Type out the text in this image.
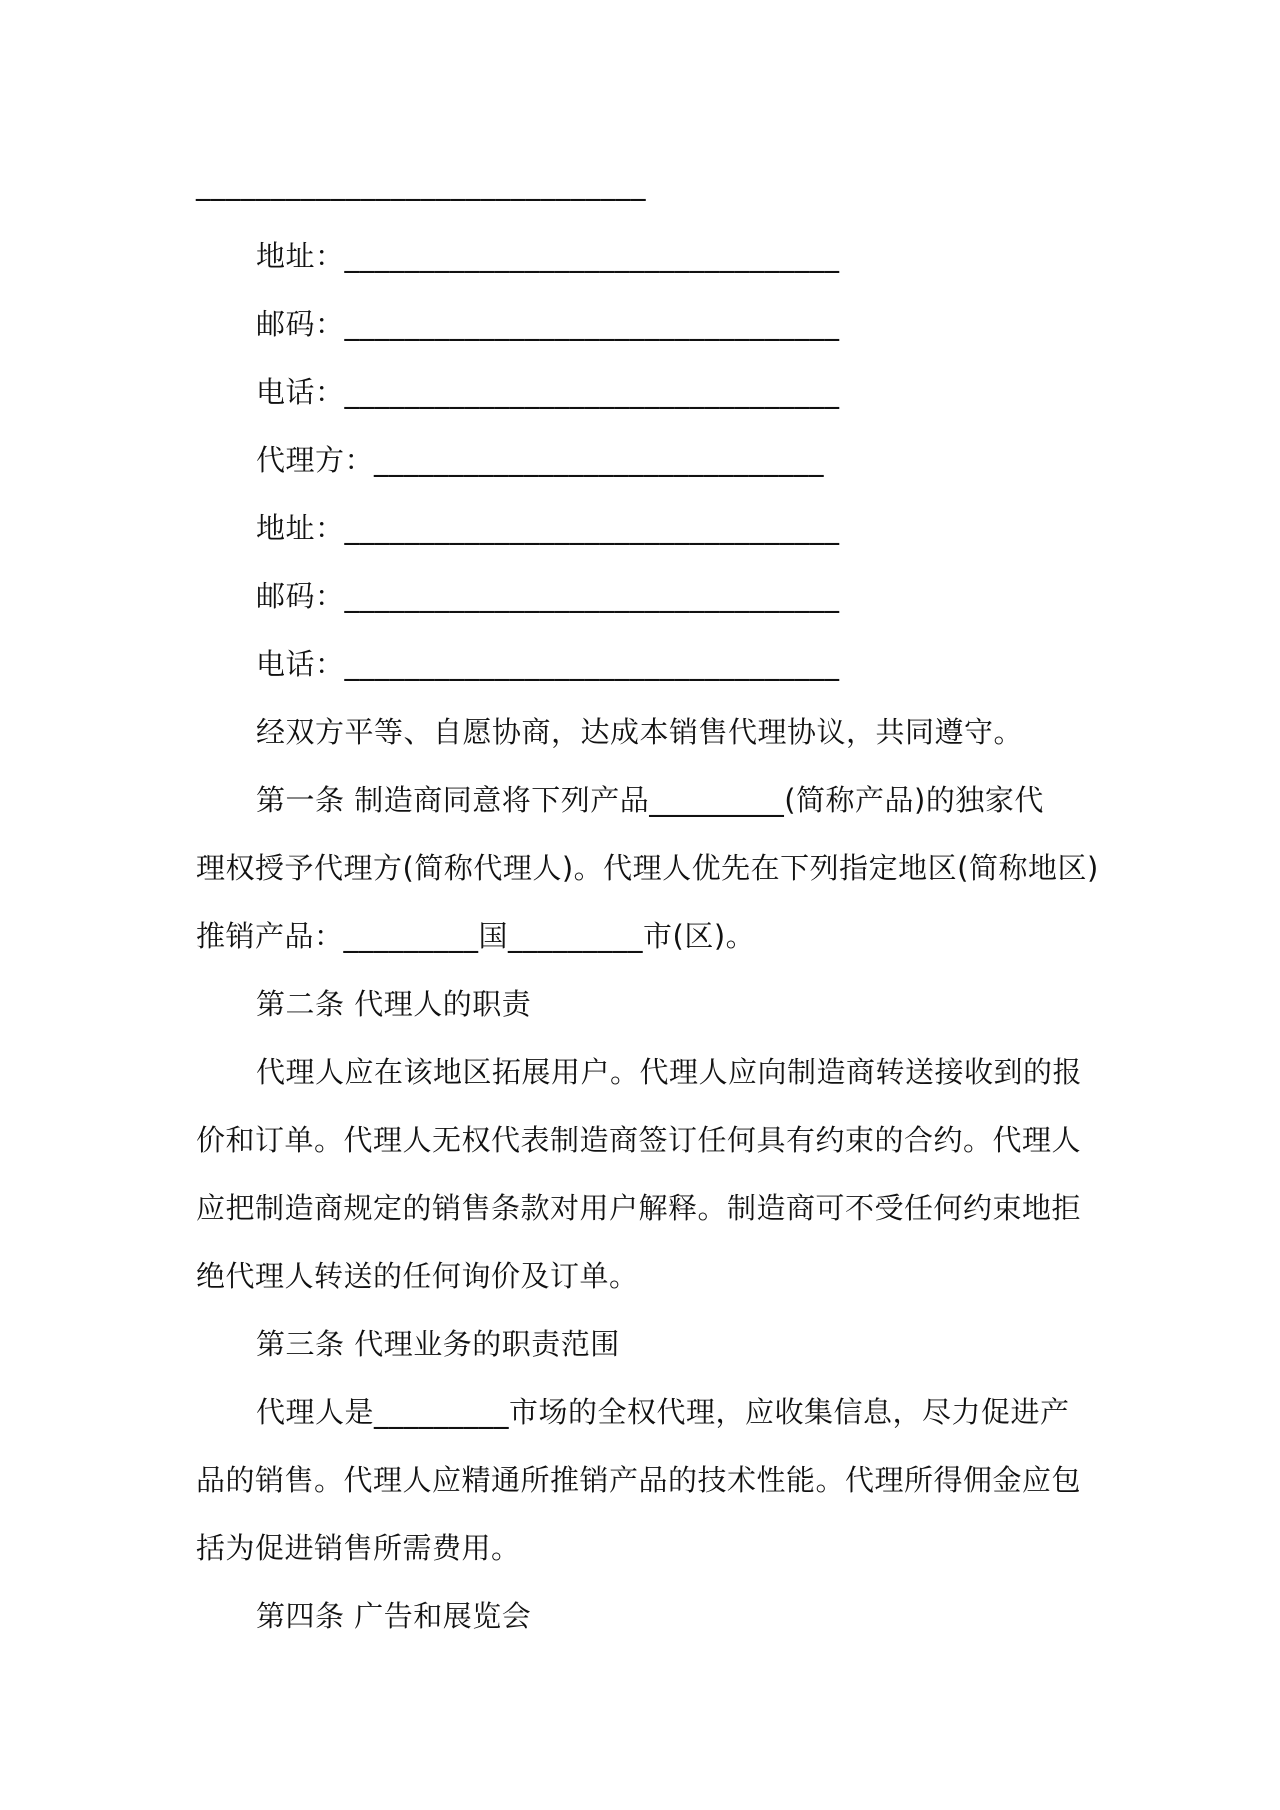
______________________________
地址：_________________________________
邮码：_________________________________
电话：_________________________________
代理方：______________________________
地址：_________________________________
邮码：_________________________________
电话：_________________________________
经双方平等、自愿协商，达成本销售代理协议，共同遵守。
第一条 制造商同意将下列产品_________(简称产品)的独家代
理权授予代理方(简称代理人)。代理人优先在下列指定地区(简称地区)
推销产品：_________国_________市(区)。
第二条 代理人的职责
代理人应在该地区拓展用户。代理人应向制造商转送接收到的报
价和订单。代理人无权代表制造商签订任何具有约束的合约。代理人
应把制造商规定的销售条款对用户解释。制造商可不受任何约束地拒
绝代理人转送的任何询价及订单。
第三条 代理业务的职责范围
代理人是_________市场的全权代理，应收集信息，尽力促进产
品的销售。代理人应精通所推销产品的技术性能。代理所得佣金应包
括为促进销售所需费用。
第四条 广告和展览会
